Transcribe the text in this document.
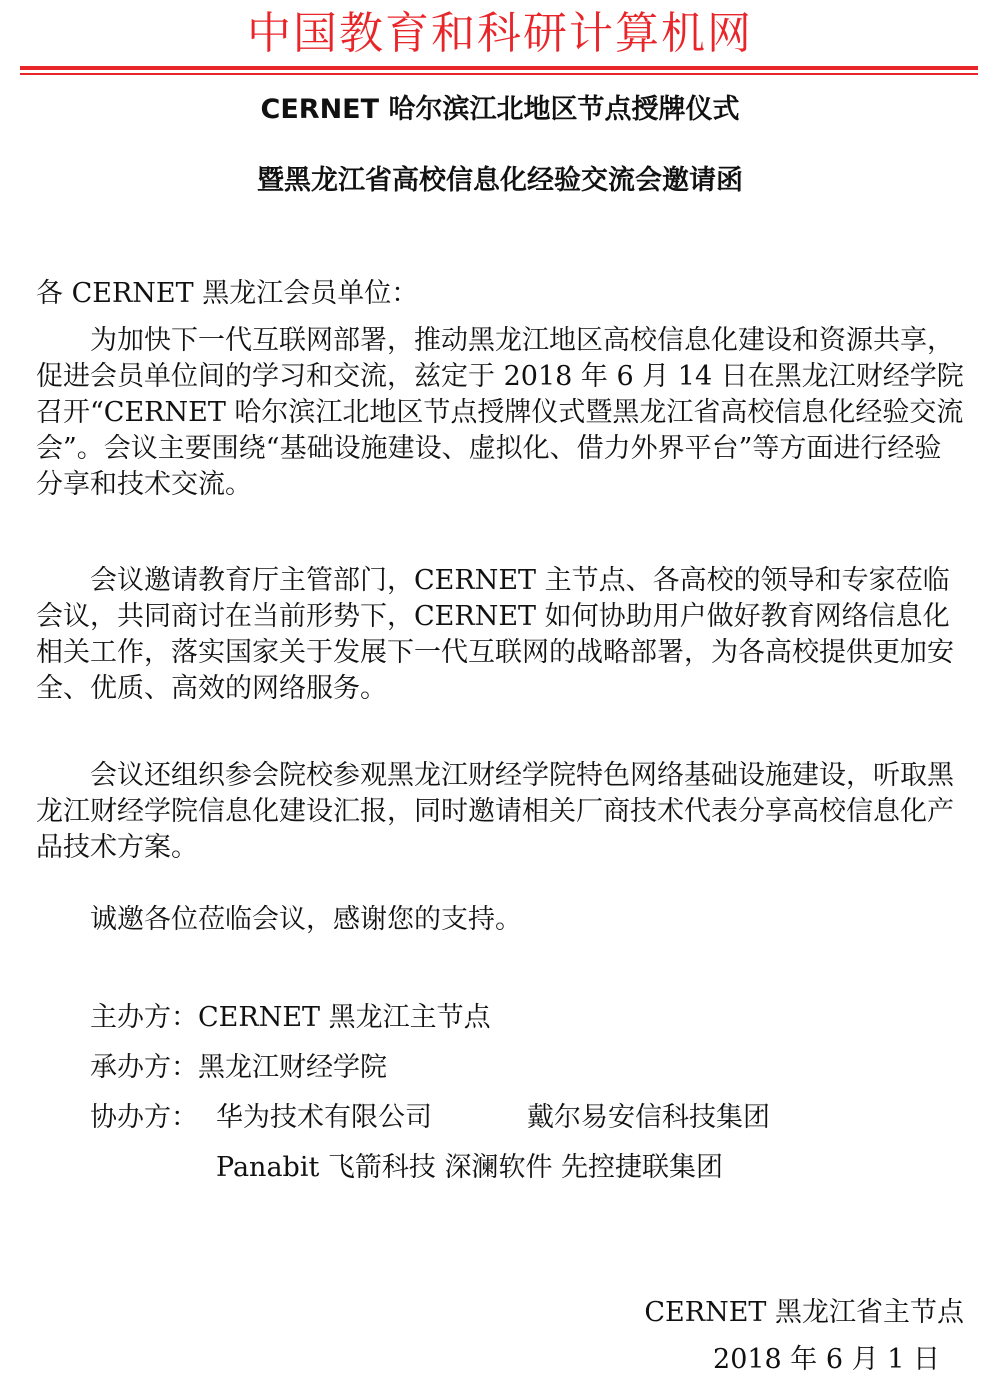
中国教育和科研计算机网
CERNET 哈尔滨江北地区节点授牌仪式
暨黑龙江省高校信息化经验交流会邀请函
各 CERNET 黑龙江会员单位：
为加快下一代互联网部署，推动黑龙江地区高校信息化建设和资源共享，促进会员单位间的学习和交流，兹定于 2018 年 6 月 14 日在黑龙江财经学院召开“CERNET 哈尔滨江北地区节点授牌仪式暨黑龙江省高校信息化经验交流会”。会议主要围绕“基础设施建设、虚拟化、借力外界平台”等方面进行经验分享和技术交流。
会议邀请教育厅主管部门，CERNET 主节点、各高校的领导和专家莅临会议，共同商讨在当前形势下，CERNET 如何协助用户做好教育网络信息化相关工作，落实国家关于发展下一代互联网的战略部署，为各高校提供更加安全、优质、高效的网络服务。
会议还组织参会院校参观黑龙江财经学院特色网络基础设施建设，听取黑龙江财经学院信息化建设汇报，同时邀请相关厂商技术代表分享高校信息化产品技术方案。
诚邀各位莅临会议，感谢您的支持。
主办方：CERNET 黑龙江主节点
承办方：黑龙江财经学院
协办方： 华为技术有限公司	戴尔易安信科技集团
Panabit 飞箭科技 深澜软件 先控捷联集团
CERNET 黑龙江省主节点
2018 年 6 月 1 日
